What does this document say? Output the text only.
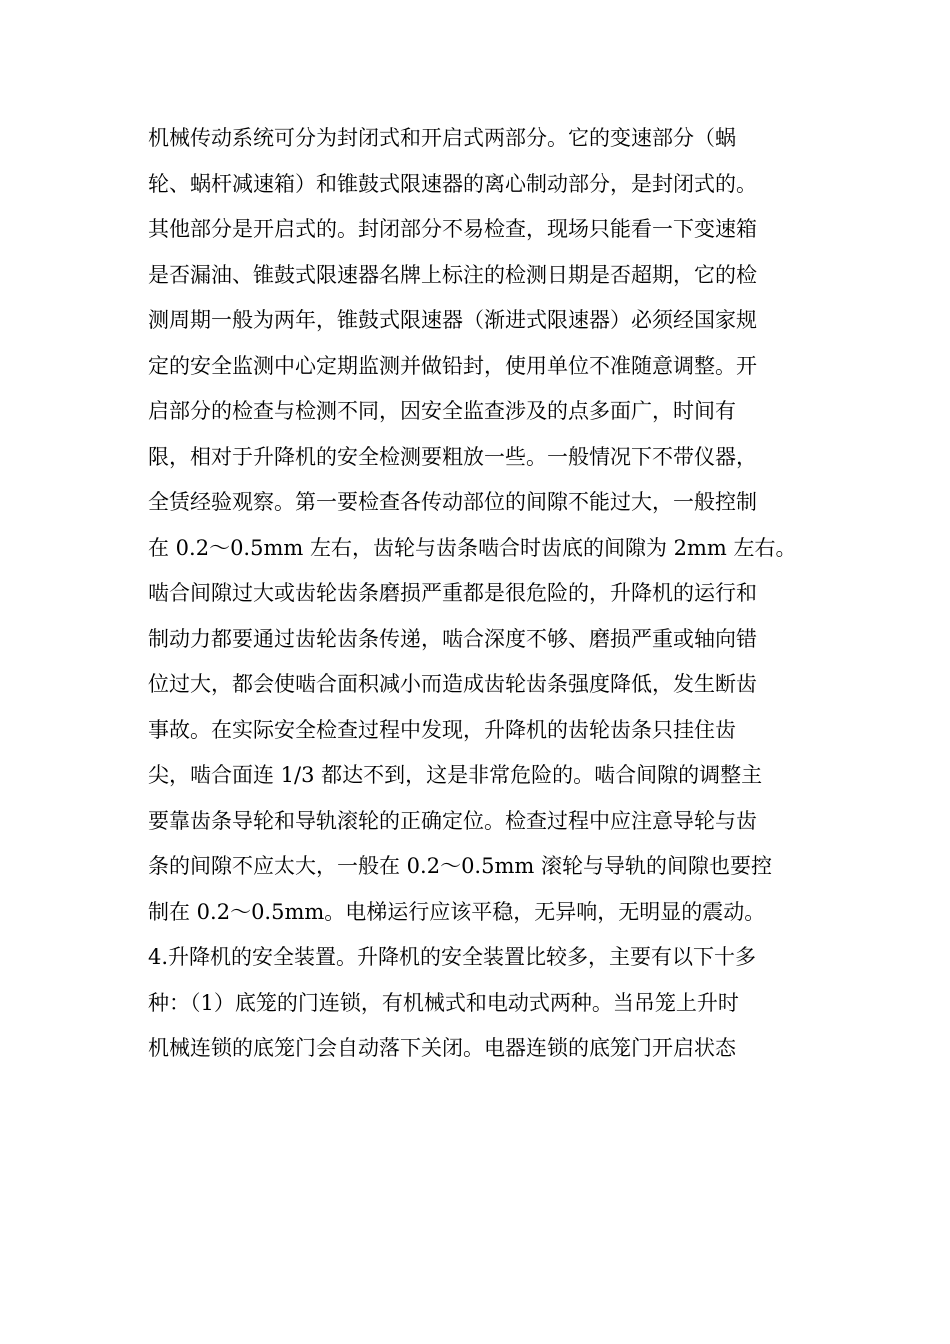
机械传动系统可分为封闭式和开启式两部分。它的变速部分（蜗
轮、蜗杆减速箱）和锥鼓式限速器的离心制动部分，是封闭式的。
其他部分是开启式的。封闭部分不易检查，现场只能看一下变速箱
是否漏油、锥鼓式限速器名牌上标注的检测日期是否超期，它的检
测周期一般为两年，锥鼓式限速器（渐进式限速器）必须经国家规
定的安全监测中心定期监测并做铅封，使用单位不准随意调整。开
启部分的检查与检测不同，因安全监查涉及的点多面广，时间有
限，相对于升降机的安全检测要粗放一些。一般情况下不带仪器，
全赁经验观察。第一要检查各传动部位的间隙不能过大，一般控制
在 0.2～0.5mm 左右，齿轮与齿条啮合时齿底的间隙为 2mm 左右。
啮合间隙过大或齿轮齿条磨损严重都是很危险的，升降机的运行和
制动力都要通过齿轮齿条传递，啮合深度不够、磨损严重或轴向错
位过大，都会使啮合面积减小而造成齿轮齿条强度降低，发生断齿
事故。在实际安全检查过程中发现，升降机的齿轮齿条只挂住齿
尖，啮合面连 1/3 都达不到，这是非常危险的。啮合间隙的调整主
要靠齿条导轮和导轨滚轮的正确定位。检查过程中应注意导轮与齿
条的间隙不应太大，一般在 0.2～0.5mm 滚轮与导轨的间隙也要控
制在 0.2～0.5mm。电梯运行应该平稳，无异响，无明显的震动。
4.升降机的安全装置。升降机的安全装置比较多，主要有以下十多
种：（1）底笼的门连锁，有机械式和电动式两种。当吊笼上升时
机械连锁的底笼门会自动落下关闭。电器连锁的底笼门开启状态
